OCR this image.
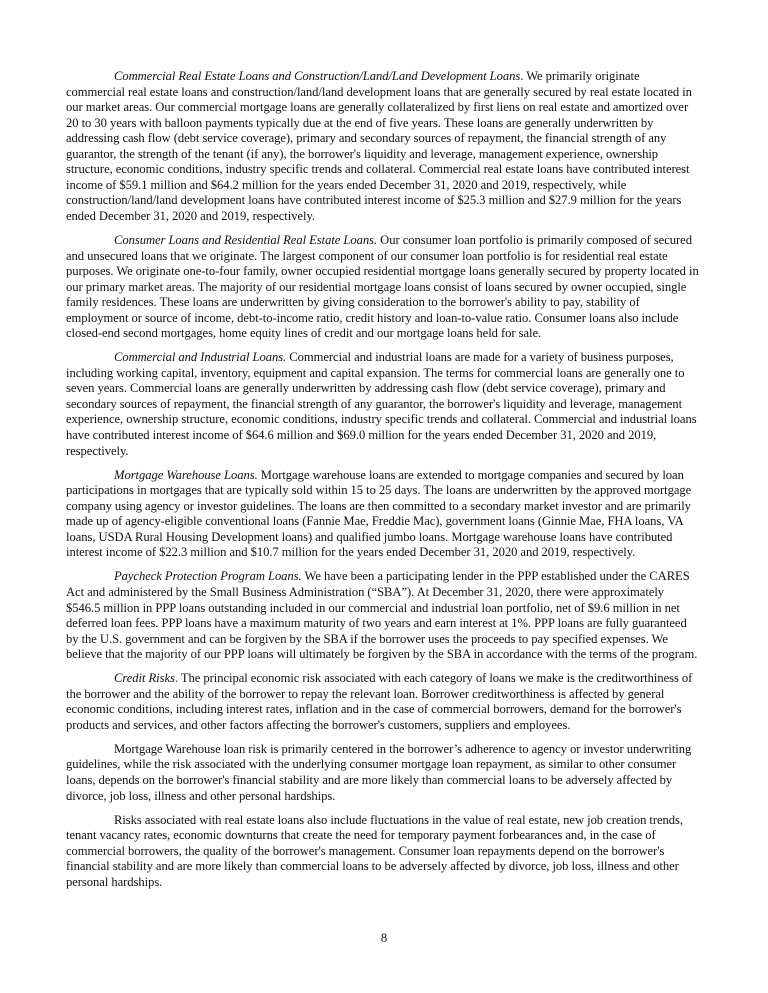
Commercial Real Estate Loans and Construction/Land/Land Development Loans. We primarily originate commercial real estate loans and construction/land/land development loans that are generally secured by real estate located in our market areas. Our commercial mortgage loans are generally collateralized by first liens on real estate and amortized over 20 to 30 years with balloon payments typically due at the end of five years. These loans are generally underwritten by addressing cash flow (debt service coverage), primary and secondary sources of repayment, the financial strength of any guarantor, the strength of the tenant (if any), the borrower's liquidity and leverage, management experience, ownership structure, economic conditions, industry specific trends and collateral. Commercial real estate loans have contributed interest income of $59.1 million and $64.2 million for the years ended December 31, 2020 and 2019, respectively, while construction/land/land development loans have contributed interest income of $25.3 million and $27.9 million for the years ended December 31, 2020 and 2019, respectively.

Consumer Loans and Residential Real Estate Loans. Our consumer loan portfolio is primarily composed of secured and unsecured loans that we originate. The largest component of our consumer loan portfolio is for residential real estate purposes. We originate one-to-four family, owner occupied residential mortgage loans generally secured by property located in our primary market areas. The majority of our residential mortgage loans consist of loans secured by owner occupied, single family residences. These loans are underwritten by giving consideration to the borrower's ability to pay, stability of employment or source of income, debt-to-income ratio, credit history and loan-to-value ratio. Consumer loans also include closed-end second mortgages, home equity lines of credit and our mortgage loans held for sale.

Commercial and Industrial Loans. Commercial and industrial loans are made for a variety of business purposes, including working capital, inventory, equipment and capital expansion. The terms for commercial loans are generally one to seven years. Commercial loans are generally underwritten by addressing cash flow (debt service coverage), primary and secondary sources of repayment, the financial strength of any guarantor, the borrower's liquidity and leverage, management experience, ownership structure, economic conditions, industry specific trends and collateral. Commercial and industrial loans have contributed interest income of $64.6 million and $69.0 million for the years ended December 31, 2020 and 2019, respectively.

Mortgage Warehouse Loans. Mortgage warehouse loans are extended to mortgage companies and secured by loan participations in mortgages that are typically sold within 15 to 25 days. The loans are underwritten by the approved mortgage company using agency or investor guidelines. The loans are then committed to a secondary market investor and are primarily made up of agency-eligible conventional loans (Fannie Mae, Freddie Mac), government loans (Ginnie Mae, FHA loans, VA loans, USDA Rural Housing Development loans) and qualified jumbo loans. Mortgage warehouse loans have contributed interest income of $22.3 million and $10.7 million for the years ended December 31, 2020 and 2019, respectively.

Paycheck Protection Program Loans. We have been a participating lender in the PPP established under the CARES Act and administered by the Small Business Administration (“SBA”). At December 31, 2020, there were approximately $546.5 million in PPP loans outstanding included in our commercial and industrial loan portfolio, net of $9.6 million in net deferred loan fees. PPP loans have a maximum maturity of two years and earn interest at 1%. PPP loans are fully guaranteed by the U.S. government and can be forgiven by the SBA if the borrower uses the proceeds to pay specified expenses. We believe that the majority of our PPP loans will ultimately be forgiven by the SBA in accordance with the terms of the program.

Credit Risks. The principal economic risk associated with each category of loans we make is the creditworthiness of the borrower and the ability of the borrower to repay the relevant loan. Borrower creditworthiness is affected by general economic conditions, including interest rates, inflation and in the case of commercial borrowers, demand for the borrower's products and services, and other factors affecting the borrower's customers, suppliers and employees.

Mortgage Warehouse loan risk is primarily centered in the borrower’s adherence to agency or investor underwriting guidelines, while the risk associated with the underlying consumer mortgage loan repayment, as similar to other consumer loans, depends on the borrower's financial stability and are more likely than commercial loans to be adversely affected by divorce, job loss, illness and other personal hardships.

Risks associated with real estate loans also include fluctuations in the value of real estate, new job creation trends, tenant vacancy rates, economic downturns that create the need for temporary payment forbearances and, in the case of commercial borrowers, the quality of the borrower's management. Consumer loan repayments depend on the borrower's financial stability and are more likely than commercial loans to be adversely affected by divorce, job loss, illness and other personal hardships.

8
